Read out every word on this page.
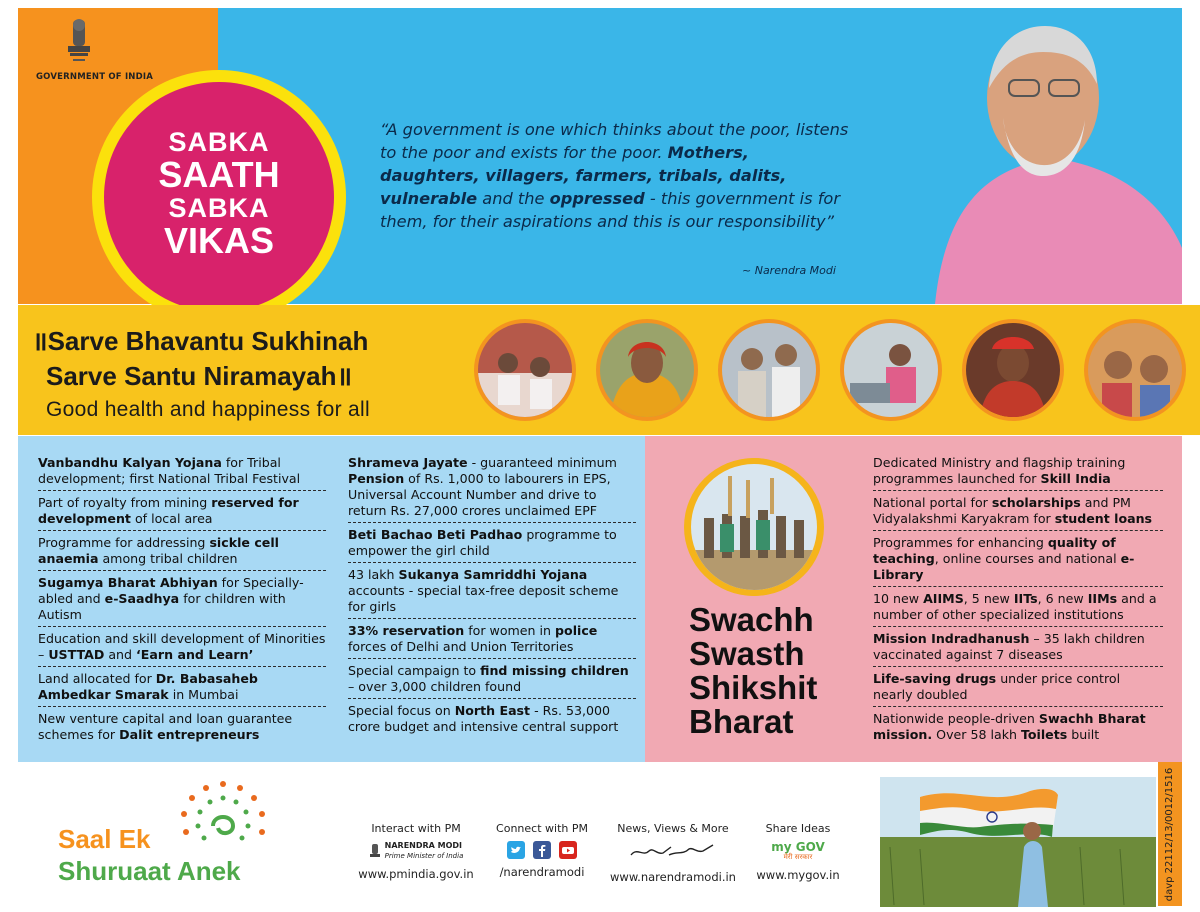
GOVERNMENT OF INDIA
SABKA
SAATH
SABKA
VIKAS
“A government is one which thinks about the poor, listens to the poor and exists for the poor. Mothers, daughters, villagers, farmers, tribals, dalits, vulnerable and the oppressed - this government is for them, for their aspirations and this is our responsibility”
~ Narendra Modi
॥Sarve Bhavantu Sukhinah
Sarve Santu Niramayah॥
Good health and happiness for all
Vanbandhu Kalyan Yojana for Tribal development; first National Tribal Festival
Part of royalty from mining reserved for development of local area
Programme for addressing sickle cell anaemia among tribal children
Sugamya Bharat Abhiyan for Specially-abled and e-Saadhya for children with Autism
Education and skill development of Minorities – USTTAD and ‘Earn and Learn’
Land allocated for Dr. Babasaheb Ambedkar Smarak in Mumbai
New venture capital and loan guarantee schemes for Dalit entrepreneurs
Shrameva Jayate - guaranteed minimum Pension of Rs. 1,000 to labourers in EPS, Universal Account Number and drive to return Rs. 27,000 crores unclaimed EPF
Beti Bachao Beti Padhao programme to empower the girl child
43 lakh Sukanya Samriddhi Yojana accounts - special tax-free deposit scheme for girls
33% reservation for women in police forces of Delhi and Union Territories
Special campaign to find missing children – over 3,000 children found
Special focus on North East - Rs. 53,000 crore budget and intensive central support
Dedicated Ministry and flagship training programmes launched for Skill India
National portal for scholarships and PM Vidyalakshmi Karyakram for student loans
Programmes for enhancing quality of teaching, online courses and national e-Library
10 new AIIMS, 5 new IITs, 6 new IIMs and a number of other specialized institutions
Mission Indradhanush – 35 lakh children vaccinated against 7 diseases
Life-saving drugs under price control nearly doubled
Nationwide people-driven Swachh Bharat mission. Over 58 lakh Toilets built
Swachh
Swasth
Shikshit
Bharat
Saal Ek
Shuruaat Anek
Interact with PM
NARENDRA MODI
Prime Minister of India
www.pmindia.gov.in
Connect with PM
/narendramodi
News, Views & More
www.narendramodi.in
Share Ideas
my GOV
मेरी सरकार
www.mygov.in	davp 22112/13/0012/1516
